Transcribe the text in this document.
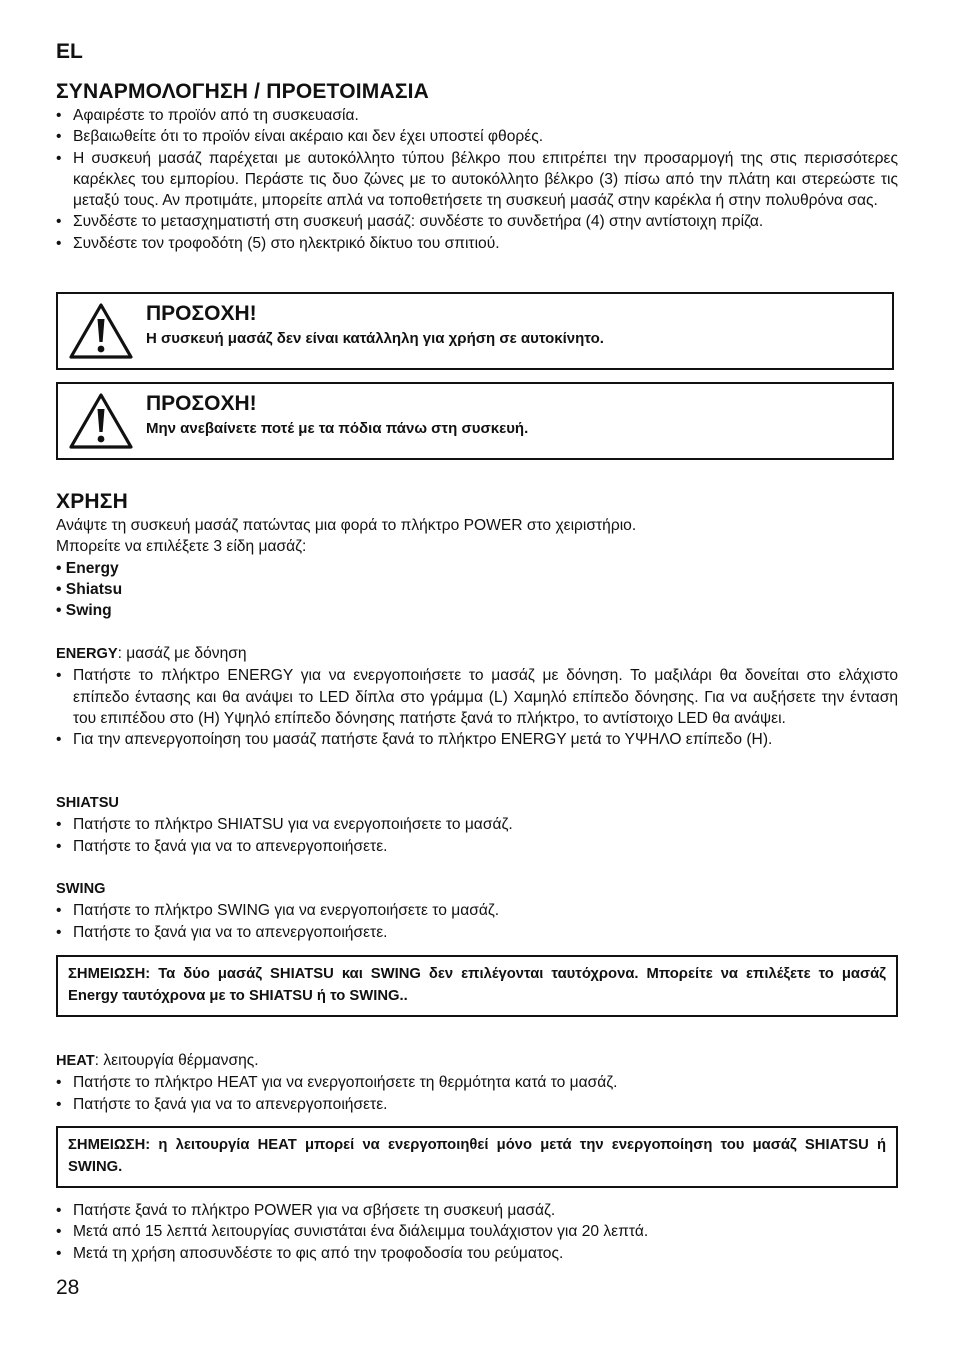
EL
ΣΥΝΑΡΜΟΛΟΓΗΣΗ / ΠΡΟΕΤΟΙΜΑΣΙΑ
• Αφαιρέστε το προϊόν από τη συσκευασία.
• Βεβαιωθείτε ότι το προϊόν είναι ακέραιο και δεν έχει υποστεί φθορές.
• Η συσκευή μασάζ παρέχεται με αυτοκόλλητο τύπου βέλκρο που επιτρέπει την προσαρμογή της στις περισσότερες καρέκλες του εμπορίου. Περάστε τις δυο ζώνες με το αυτοκόλλητο βέλκρο (3) πίσω από την πλάτη και στερεώστε τις μεταξύ τους. Αν προτιμάτε, μπορείτε απλά να τοποθετήσετε τη συσκευή μασάζ στην καρέκλα ή στην πολυθρόνα σας.
• Συνδέστε το μετασχηματιστή στη συσκευή μασάζ: συνδέστε το συνδετήρα (4) στην αντίστοιχη πρίζα.
• Συνδέστε τον τροφοδότη (5) στο ηλεκτρικό δίκτυο του σπιτιού.
ΠΡΟΣΟΧΗ!
Η συσκευή μασάζ δεν είναι κατάλληλη για χρήση σε αυτοκίνητο.
ΠΡΟΣΟΧΗ!
Μην ανεβαίνετε ποτέ με τα πόδια πάνω στη συσκευή.
ΧΡΗΣΗ

Ανάψτε τη συσκευή μασάζ πατώντας μια φορά το πλήκτρο POWER στο χειριστήριο.

Μπορείτε να επιλέξετε 3 είδη μασάζ:

• Energy

• Shiatsu

• Swing

ENERGY: μασάζ με δόνηση

• Πατήστε το πλήκτρο ENERGY για να ενεργοποιήσετε το μασάζ με δόνηση. Το μαξιλάρι θα δονείται στο ελάχιστο επίπεδο έντασης και θα ανάψει το LED δίπλα στο γράμμα (L) Χαμηλό επίπεδο δόνησης. Για να αυξήσετε την ένταση του επιπέδου στο (H) Υψηλό επίπεδο δόνησης πατήστε ξανά το πλήκτρο, το αντίστοιχο LED θα ανάψει.
• Για την απενεργοποίηση του μασάζ πατήστε ξανά το πλήκτρο ENERGY μετά το ΥΨΗΛΟ επίπεδο (H).

SHIATSU

• Πατήστε το πλήκτρο SHIATSU για να ενεργοποιήσετε το μασάζ.
• Πατήστε το ξανά για να το απενεργοποιήσετε.

SWING

• Πατήστε το πλήκτρο SWING για να ενεργοποιήσετε το μασάζ.
• Πατήστε το ξανά για να το απενεργοποιήσετε.
ΣΗΜΕΙΩΣΗ: Τα δύο μασάζ SHIATSU και SWING δεν επιλέγονται ταυτόχρονα. Μπορείτε να επιλέξετε το μασάζ Energy ταυτόχρονα με το SHIATSU ή το SWING..

HEAT: λειτουργία θέρμανσης.

• Πατήστε το πλήκτρο HEAT για να ενεργοποιήσετε τη θερμότητα κατά το μασάζ.
• Πατήστε το ξανά για να το απενεργοποιήσετε.
ΣΗΜΕΙΩΣΗ: η λειτουργία HEAT μπορεί να ενεργοποιηθεί μόνο μετά την ενεργοποίηση του μασάζ SHIATSU ή SWING.
• Πατήστε ξανά το πλήκτρο POWER για να σβήσετε τη συσκευή μασάζ.
• Μετά από 15 λεπτά λειτουργίας συνιστάται ένα διάλειμμα τουλάχιστον για 20 λεπτά.
• Μετά τη χρήση αποσυνδέστε το φις από την τροφοδοσία του ρεύματος.
28
